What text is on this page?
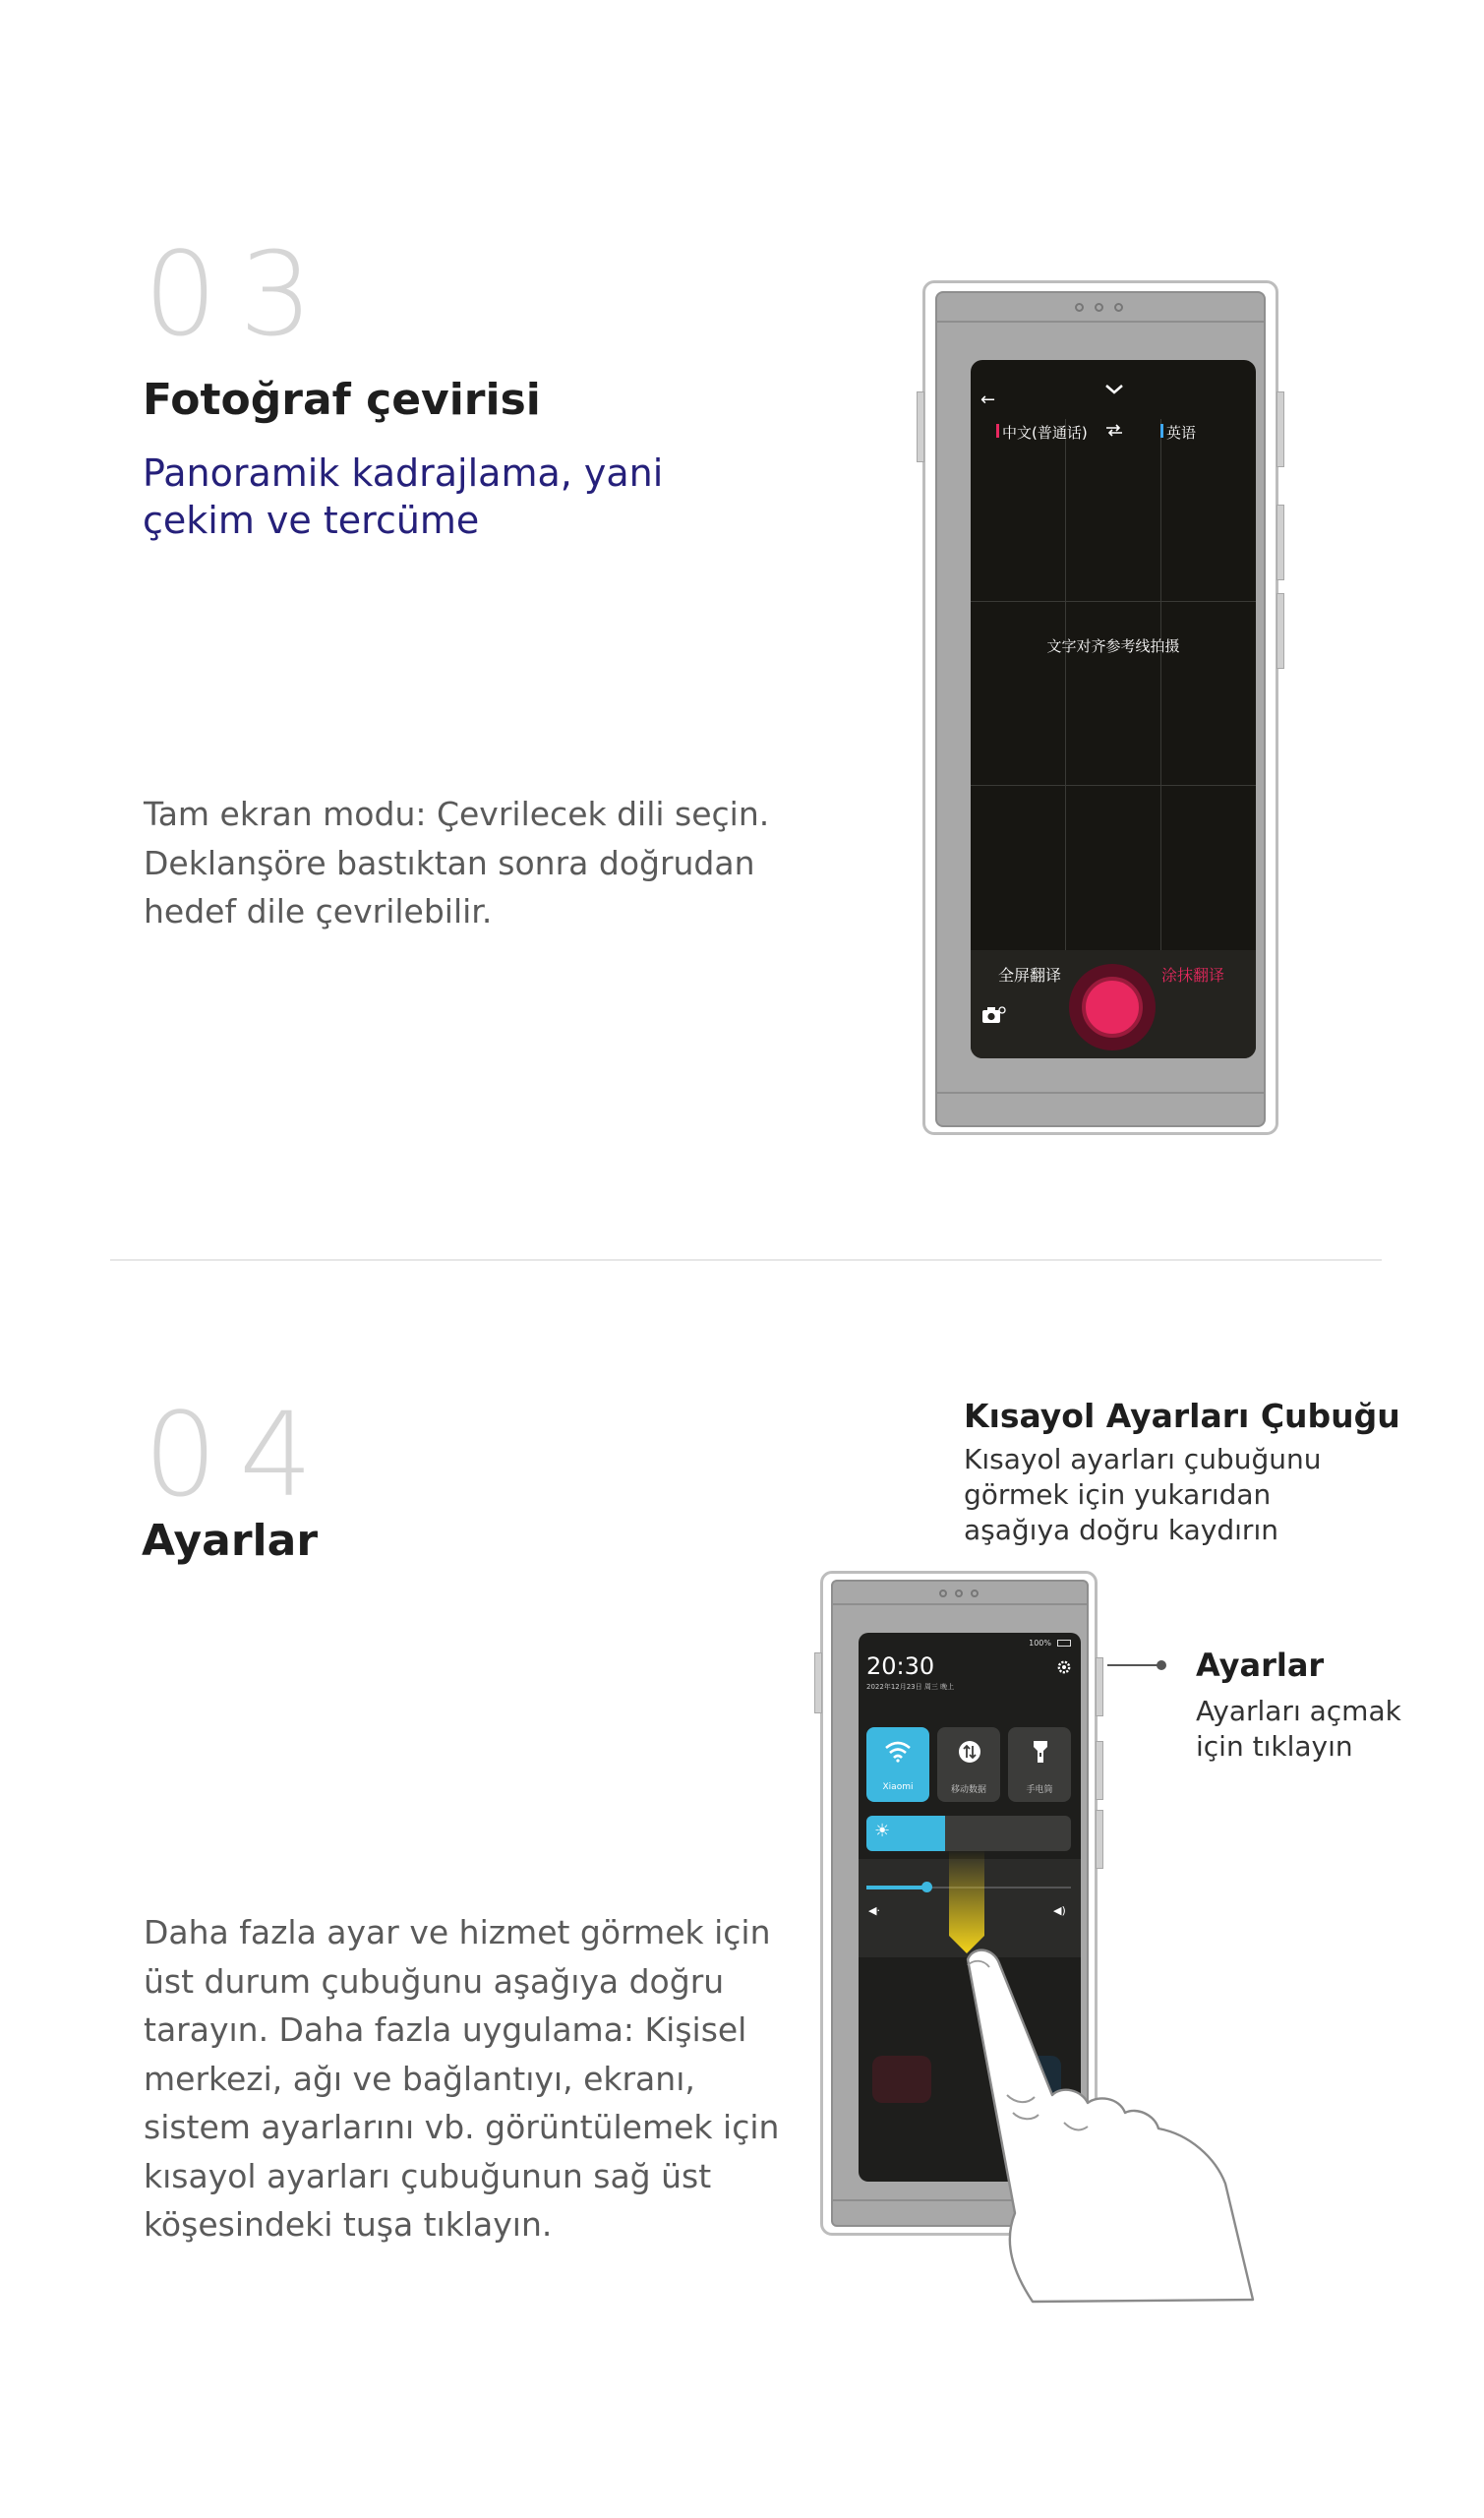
03
Fotoğraf çevirisi
Panoramik kadrajlama, yani
çekim ve tercüme
Tam ekran modu: Çevrilecek dili seçin.
Deklanşöre bastıktan sonra doğrudan
hedef dile çevrilebilir.
←
中文(普通话)	英语
文字对齐参考线拍摄
全屏翻译	涂抹翻译
04
Ayarlar
Daha fazla ayar ve hizmet görmek için
üst durum çubuğunu aşağıya doğru
tarayın. Daha fazla uygulama: Kişisel
merkezi, ağı ve bağlantıyı, ekranı,
sistem ayarlarını vb. görüntülemek için
kısayol ayarları çubuğunun sağ üst
köşesindeki tuşa tıklayın.
Kısayol Ayarları Çubuğu
Kısayol ayarları çubuğunu
görmek için yukarıdan
aşağıya doğru kaydırın
Ayarlar
Ayarları açmak
için tıklayın
100%
20:30
2022年12月23日 周三 晚上
Xiaomi	移动数据	手电筒
☀
◀·	◀)
